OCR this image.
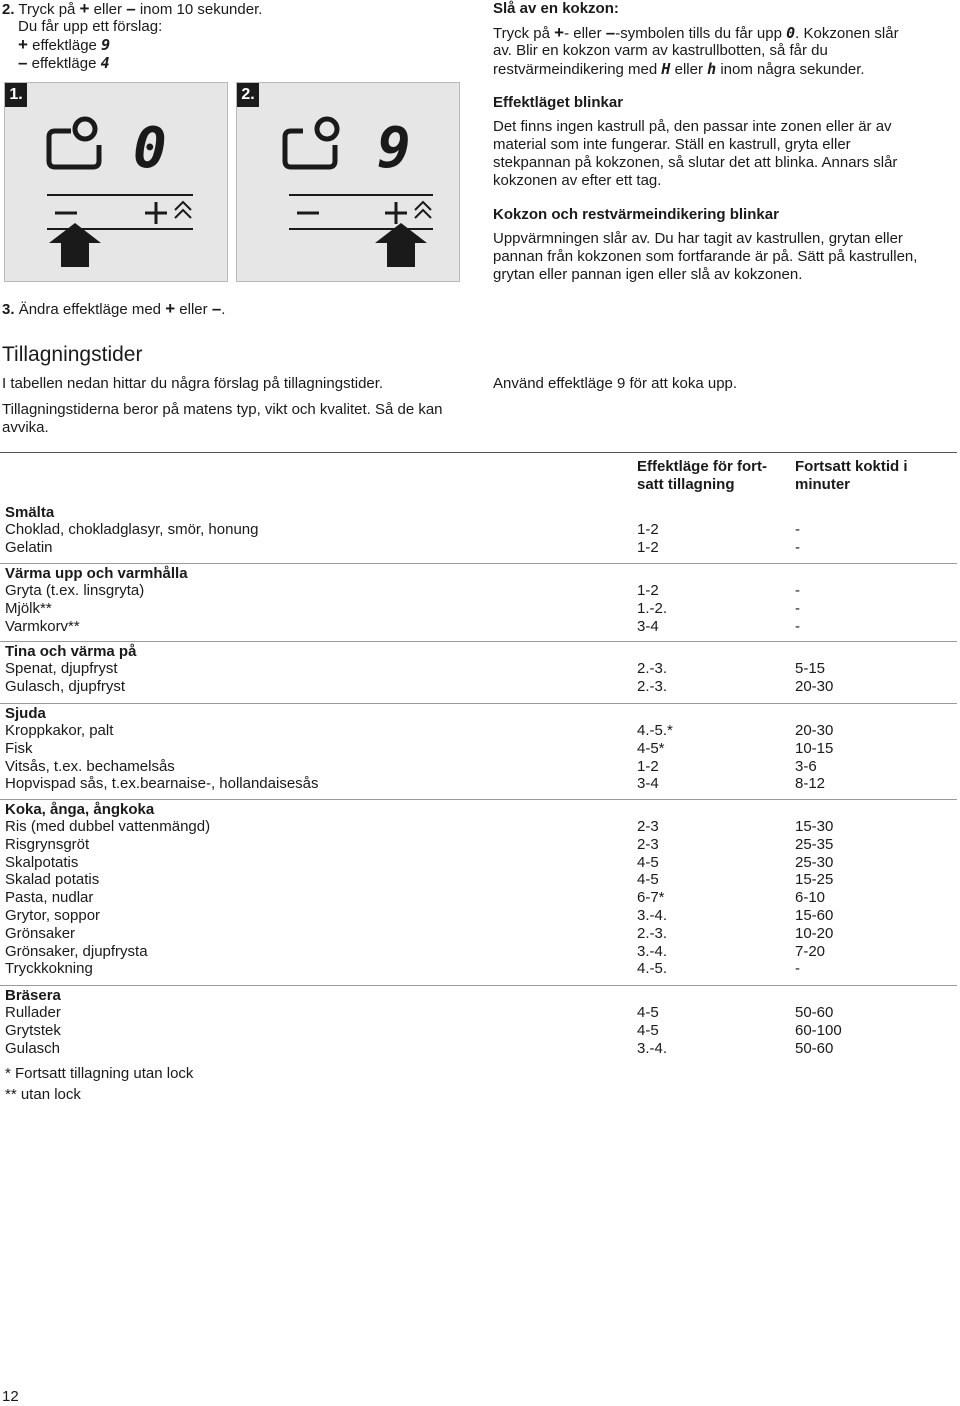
2. Tryck på + eller – inom 10 sekunder.
Du får upp ett förslag:
+ effektläge 9
– effektläge 4
1.
0
2.
9
3. Ändra effektläge med + eller –.
Slå av en kokzon:
Tryck på +- eller –-symbolen tills du får upp 0. Kokzonen slår
av. Blir en kokzon varm av kastrullbotten, så får du
restvärmeindikering med H eller h inom några sekunder.
Effektläget blinkar
Det finns ingen kastrull på, den passar inte zonen eller är av
material som inte fungerar. Ställ en kastrull, gryta eller
stekpannan på kokzonen, så slutar det att blinka. Annars slår
kokzonen av efter ett tag.
Kokzon och restvärmeindikering blinkar
Uppvärmningen slår av. Du har tagit av kastrullen, grytan eller
pannan från kokzonen som fortfarande är på. Sätt på kastrullen,
grytan eller pannan igen eller slå av kokzonen.
Tillagningstider
I tabellen nedan hittar du några förslag på tillagningstider.
Tillagningstiderna beror på matens typ, vikt och kvalitet. Så de kan avvika.
Använd effektläge 9 för att koka upp.
Effektläge för fortsatt tillagning
Fortsatt koktid i minuter
Smälta
Choklad, chokladglasyr, smör, honung	1-2	-
Gelatin	1-2	-
Värma upp och varmhålla
Gryta (t.ex. linsgryta)	1-2	-
Mjölk**	1.-2.	-
Varmkorv**	3-4	-
Tina och värma på
Spenat, djupfryst	2.-3.	5-15
Gulasch, djupfryst	2.-3.	20-30
Sjuda
Kroppkakor, palt	4.-5.*	20-30
Fisk	4-5*	10-15
Vitsås, t.ex. bechamelsås	1-2	3-6
Hopvispad sås, t.ex.bearnaise-, hollandaisesås	3-4	8-12
Koka, ånga, ångkoka
Ris (med dubbel vattenmängd)	2-3	15-30
Risgrynsgröt	2-3	25-35
Skalpotatis	4-5	25-30
Skalad potatis	4-5	15-25
Pasta, nudlar	6-7*	6-10
Grytor, soppor	3.-4.	15-60
Grönsaker	2.-3.	10-20
Grönsaker, djupfrysta	3.-4.	7-20
Tryckkokning	4.-5.	-
Bräsera
Rullader	4-5	50-60
Grytstek	4-5	60-100
Gulasch	3.-4.	50-60
* Fortsatt tillagning utan lock
** utan lock
12
